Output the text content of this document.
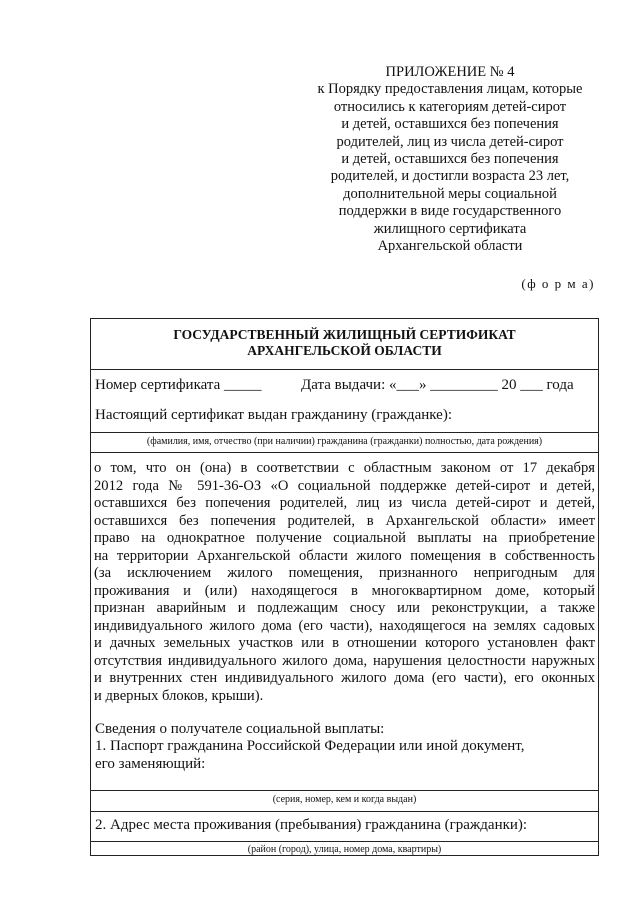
ПРИЛОЖЕНИЕ № 4
к Порядку предоставления лицам, которые
относились к категориям детей-сирот
и детей, оставшихся без попечения
родителей, лиц из числа детей-сирот
и детей, оставшихся без попечения
родителей, и достигли возраста 23 лет,
дополнительной меры социальной
поддержки в виде государственного
жилищного сертификата
Архангельской области
(ф о р м а)
ГОСУДАРСТВЕННЫЙ ЖИЛИЩНЫЙ СЕРТИФИКАТ
АРХАНГЕЛЬСКОЙ ОБЛАСТИ
Номер сертификата _____	Дата выдачи: «___» _________ 20 ___ года
Настоящий сертификат выдан гражданину (гражданке):
(фамилия, имя, отчество (при наличии) гражданина (гражданки) полностью, дата рождения)
о том, что он (она) в соответствии с областным законом от 17 декабря
2012 года № 591-36-ОЗ «О социальной поддержке детей-сирот и детей,
оставшихся без попечения родителей, лиц из числа детей-сирот и детей,
оставшихся без попечения родителей, в Архангельской области» имеет
право на однократное получение социальной выплаты на приобретение
на территории Архангельской области жилого помещения в собственность
(за исключением жилого помещения, признанного непригодным для
проживания и (или) находящегося в многоквартирном доме, который
признан аварийным и подлежащим сносу или реконструкции, а также
индивидуального жилого дома (его части), находящегося на землях садовых
и дачных земельных участков или в отношении которого установлен факт
отсутствия индивидуального жилого дома, нарушения целостности наружных
и внутренних стен индивидуального жилого дома (его части), его оконных
и дверных блоков, крыши).
Сведения о получателе социальной выплаты:
1. Паспорт гражданина Российской Федерации или иной документ,
его заменяющий:
(серия, номер, кем и когда выдан)
2. Адрес места проживания (пребывания) гражданина (гражданки):
(район (город), улица, номер дома, квартиры)
